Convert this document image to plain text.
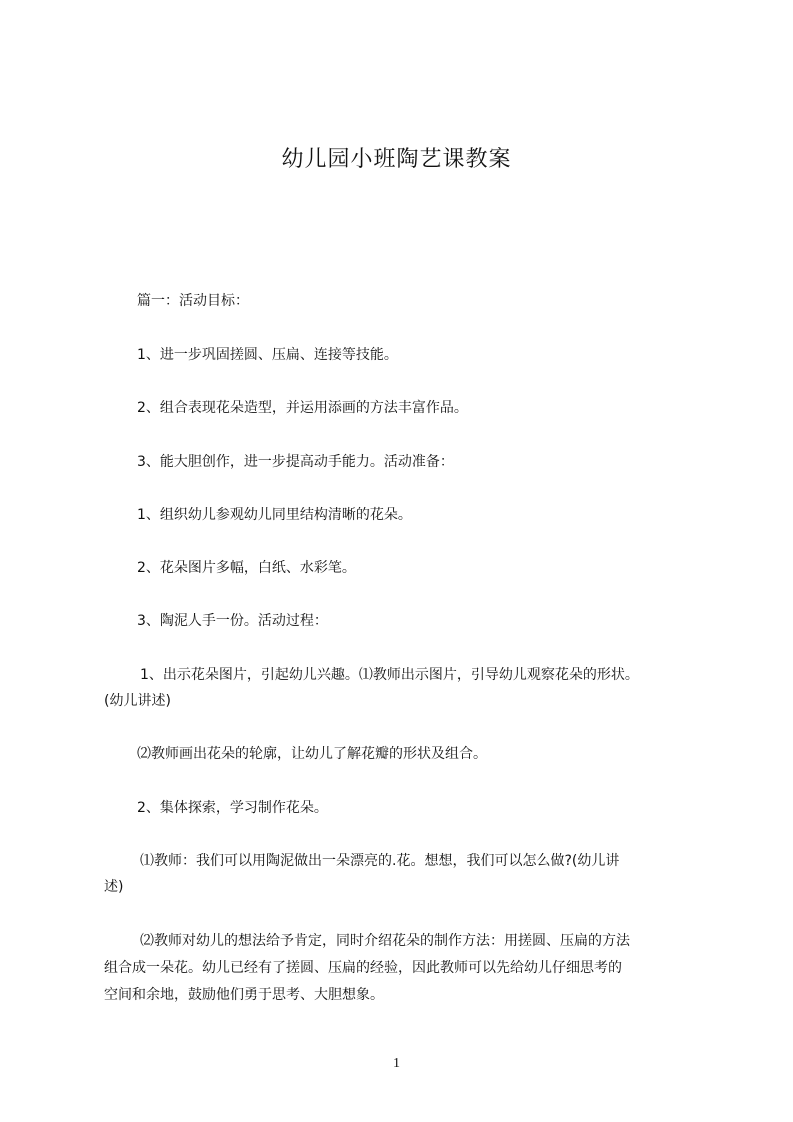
幼儿园小班陶艺课教案
篇一：活动目标：
1、进一步巩固搓圆、压扁、连接等技能。
2、组合表现花朵造型，并运用添画的方法丰富作品。
3、能大胆创作，进一步提高动手能力。活动准备：
1、组织幼儿参观幼儿同里结构清晰的花朵。
2、花朵图片多幅，白纸、水彩笔。
3、陶泥人手一份。活动过程：
1、出示花朵图片，引起幼儿兴趣。⑴教师出示图片，引导幼儿观察花朵的形状。
(幼儿讲述)
⑵教师画出花朵的轮廓，让幼儿了解花瓣的形状及组合。
2、集体探索，学习制作花朵。
⑴教师：我们可以用陶泥做出一朵漂亮的.花。想想，我们可以怎么做?(幼儿讲
述)
⑵教师对幼儿的想法给予肯定，同时介绍花朵的制作方法：用搓圆、压扁的方法
组合成一朵花。幼儿已经有了搓圆、压扁的经验，因此教师可以先给幼儿仔细思考的
空间和余地，鼓励他们勇于思考、大胆想象。
1
